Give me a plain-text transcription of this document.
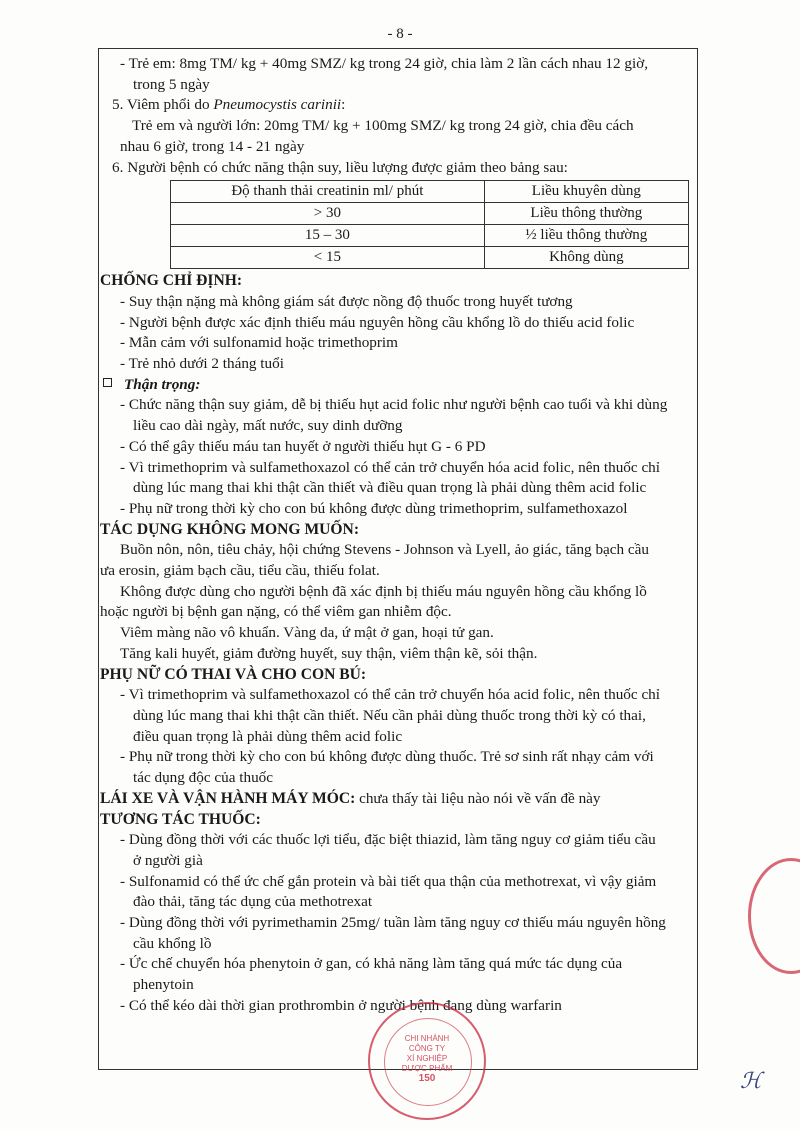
- 8 -

- Trẻ em: 8mg TM/ kg + 40mg SMZ/ kg trong 24 giờ, chia làm 2 lần cách nhau 12 giờ,
trong 5 ngày

5. Viêm phổi do Pneumocystis carinii:

Trẻ em và người lớn: 20mg TM/ kg + 100mg SMZ/ kg trong 24 giờ, chia đều cách

nhau 6 giờ, trong 14 - 21 ngày

6. Người bệnh có chức năng thận suy, liều lượng được giảm theo bảng sau:

Độ thanh thải creatinin ml/ phút	Liều khuyên dùng
> 30	Liều thông thường
15 – 30	½ liều thông thường
< 15	Không dùng

CHỐNG CHỈ ĐỊNH:

- Suy thận nặng mà không giám sát được nồng độ thuốc trong huyết tương

- Người bệnh được xác định thiếu máu nguyên hồng cầu khổng lồ do thiếu acid folic

- Mẫn cảm với sulfonamid hoặc trimethoprim

- Trẻ nhỏ dưới 2 tháng tuổi

Thận trọng:

- Chức năng thận suy giảm, dễ bị thiếu hụt acid folic như người bệnh cao tuổi và khi dùng
liều cao dài ngày, mất nước, suy dinh dưỡng

- Có thể gây thiếu máu tan huyết ở người thiếu hụt G - 6 PD

- Vì trimethoprim và sulfamethoxazol có thể cản trở chuyển hóa acid folic, nên thuốc chỉ
dùng lúc mang thai khi thật cần thiết và điều quan trọng là phải dùng thêm acid folic

- Phụ nữ trong thời kỳ cho con bú không được dùng trimethoprim, sulfamethoxazol

TÁC DỤNG KHÔNG MONG MUỐN:

Buồn nôn, nôn, tiêu chảy, hội chứng Stevens - Johnson và Lyell, ảo giác, tăng bạch cầu

ưa erosin, giảm bạch cầu, tiểu cầu, thiếu folat.

Không được dùng cho người bệnh đã xác định bị thiếu máu nguyên hồng cầu khổng lồ

hoặc người bị bệnh gan nặng, có thể viêm gan nhiễm độc.

Viêm màng não vô khuẩn. Vàng da, ứ mật ở gan, hoại tử gan.

Tăng kali huyết, giảm đường huyết, suy thận, viêm thận kẽ, sỏi thận.

PHỤ NỮ CÓ THAI VÀ CHO CON BÚ:

- Vì trimethoprim và sulfamethoxazol có thể cản trở chuyển hóa acid folic, nên thuốc chỉ
dùng lúc mang thai khi thật cần thiết. Nếu cần phải dùng thuốc trong thời kỳ có thai,
điều quan trọng là phải dùng thêm acid folic

- Phụ nữ trong thời kỳ cho con bú không được dùng thuốc. Trẻ sơ sinh rất nhạy cảm với
tác dụng độc của thuốc

LÁI XE VÀ VẬN HÀNH MÁY MÓC: chưa thấy tài liệu nào nói về vấn đề này

TƯƠNG TÁC THUỐC:

- Dùng đồng thời với các thuốc lợi tiểu, đặc biệt thiazid, làm tăng nguy cơ giảm tiểu cầu
ở người già

- Sulfonamid có thể ức chế gắn protein và bài tiết qua thận của methotrexat, vì vậy giảm
đào thải, tăng tác dụng của methotrexat

- Dùng đồng thời với pyrimethamin 25mg/ tuần làm tăng nguy cơ thiếu máu nguyên hồng
cầu khổng lồ

- Ức chế chuyển hóa phenytoin ở gan, có khả năng làm tăng quá mức tác dụng của
phenytoin

- Có thể kéo dài thời gian prothrombin ở người bệnh đang dùng warfarin

CHI NHÁNH
CÔNG TY
XÍ NGHIỆP
DƯỢC PHẨM
150	ℋ
